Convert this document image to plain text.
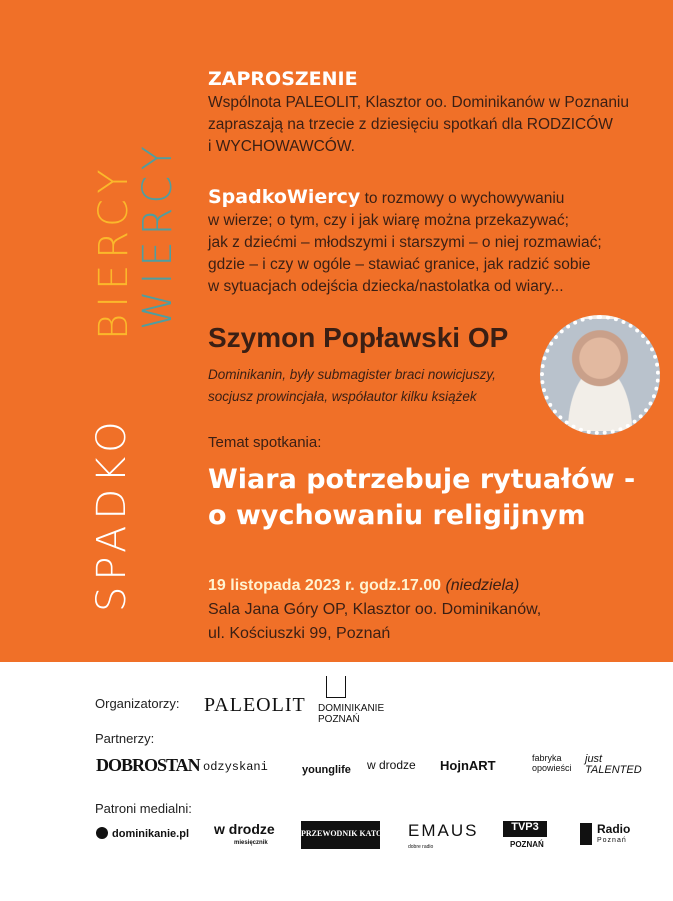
SPADKO
BIERCY
WIERCY
ZAPROSZENIE
Wspólnota PALEOLIT, Klasztor oo. Dominikanów w Poznaniu
zapraszają na trzecie z dziesięciu spotkań dla RODZICÓW
i WYCHOWAWCÓW.
SpadkoWiercy to rozmowy o wychowywaniu
w wierze; o tym, czy i jak wiarę można przekazywać;
jak z dziećmi – młodszymi i starszymi – o niej rozmawiać;
gdzie – i czy w ogóle – stawiać granice, jak radzić sobie
w sytuacjach odejścia dziecka/nastolatka od wiary...
Szymon Popławski OP
Dominikanin, były submagister braci nowicjuszy,
socjusz prowincjała, współautor kilku książek
Temat spotkania:
Wiara potrzebuje rytuałów -
o wychowaniu religijnym
19 listopada 2023 r. godz.17.00 (niedziela)
Sala Jana Góry OP, Klasztor oo. Dominikanów,
ul. Kościuszki 99, Poznań
Organizatorzy: PALEOLIT DOMINIKANIE
POZNAŃ
Partnerzy:
DOBROSTAN odzyskani	younglife w drodze HojnART	fabryka opowieści
just TALENTED
Patroni medialni:
dominikanie.pl w drodze
miesięcznik
PRZEWODNIK KATOLICKI EMAUS
dobre radio
TVP3
POZNAŃ
Radio
Poznań
